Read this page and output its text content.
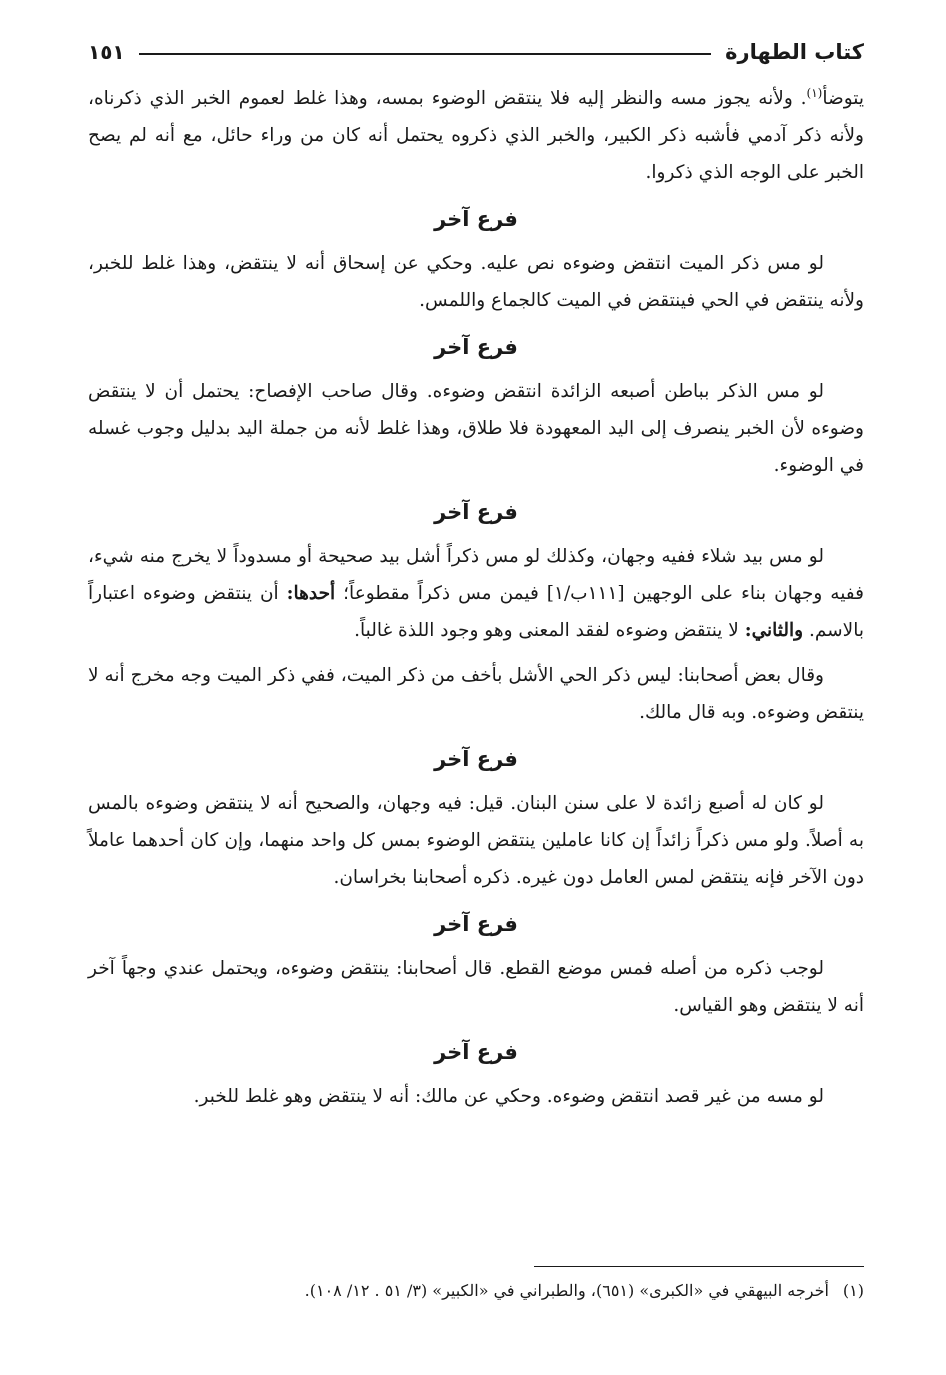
كتاب الطهارة
١٥١

يتوضأ$^{(١)}$. ولأنه يجوز مسه والنظر إليه فلا ينتقض الوضوء بمسه، وهذا غلط لعموم الخبر الذي ذكرناه، ولأنه ذكر آدمي فأشبه ذكر الكبير، والخبر الذي ذكروه يحتمل أنه كان من وراء حائل، مع أنه لم يصح الخبر على الوجه الذي ذكروا.

فرع آخر

لو مس ذكر الميت انتقض وضوءه نص عليه. وحكي عن إسحاق أنه لا ينتقض، وهذا غلط للخبر، ولأنه ينتقض في الحي فينتقض في الميت كالجماع واللمس.

فرع آخر

لو مس الذكر بباطن أصبعه الزائدة انتقض وضوءه. وقال صاحب الإفصاح: يحتمل أن لا ينتقض وضوءه لأن الخبر ينصرف إلى اليد المعهودة فلا طلاق، وهذا غلط لأنه من جملة اليد بدليل وجوب غسله في الوضوء.

فرع آخر

لو مس بيد شلاء ففيه وجهان، وكذلك لو مس ذكراً أشل بيد صحيحة أو مسدوداً لا يخرج منه شيء، ففيه وجهان بناء على الوجهين [١١١ب/١] فيمن مس ذكراً مقطوعاً؛ أحدها: أن ينتقض وضوءه اعتباراً بالاسم. والثاني: لا ينتقض وضوءه لفقد المعنى وهو وجود اللذة غالباً.

وقال بعض أصحابنا: ليس ذكر الحي الأشل بأخف من ذكر الميت، ففي ذكر الميت وجه مخرج أنه لا ينتقض وضوءه. وبه قال مالك.

فرع آخر

لو كان له أصبع زائدة لا على سنن البنان. قيل: فيه وجهان، والصحيح أنه لا ينتقض وضوءه بالمس به أصلاً. ولو مس ذكراً زائداً إن كانا عاملين ينتقض الوضوء بمس كل واحد منهما، وإن كان أحدهما عاملاً دون الآخر فإنه ينتقض لمس العامل دون غيره. ذكره أصحابنا بخراسان.

فرع آخر

لوجب ذكره من أصله فمس موضع القطع. قال أصحابنا: ينتقض وضوءه، ويحتمل عندي وجهاً آخر أنه لا ينتقض وهو القياس.

فرع آخر

لو مسه من غير قصد انتقض وضوءه. وحكي عن مالك: أنه لا ينتقض وهو غلط للخبر.

(١)أخرجه البيهقي في «الكبرى» (٦٥١)، والطبراني في «الكبير» (٣/ ٥١ . ١٢/ ١٠٨).
